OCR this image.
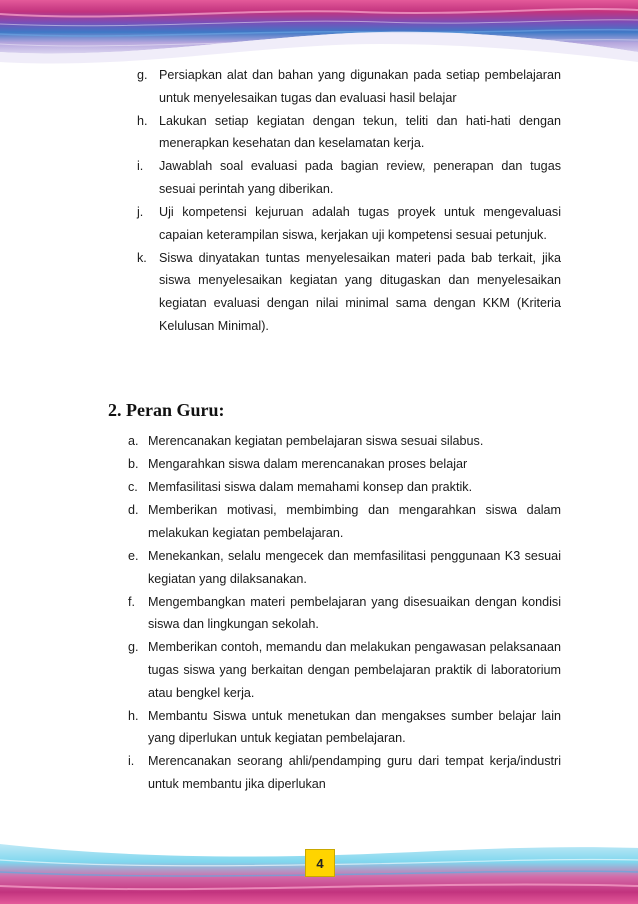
g. Persiapkan alat dan bahan yang digunakan pada setiap pembelajaran untuk menyelesaikan tugas dan evaluasi hasil belajar
h. Lakukan setiap kegiatan dengan tekun, teliti dan hati-hati dengan menerapkan kesehatan dan keselamatan kerja.
i. Jawablah soal evaluasi pada bagian review, penerapan dan tugas sesuai perintah yang diberikan.
j. Uji kompetensi kejuruan adalah tugas proyek untuk mengevaluasi capaian keterampilan siswa, kerjakan uji kompetensi sesuai petunjuk.
k. Siswa dinyatakan tuntas menyelesaikan materi pada bab terkait, jika siswa menyelesaikan kegiatan yang ditugaskan dan menyelesaikan kegiatan evaluasi dengan nilai minimal sama dengan KKM (Kriteria Kelulusan Minimal).
2. Peran Guru:
a. Merencanakan kegiatan pembelajaran siswa sesuai silabus.
b. Mengarahkan siswa dalam merencanakan proses belajar
c. Memfasilitasi siswa dalam memahami konsep dan praktik.
d. Memberikan motivasi, membimbing dan mengarahkan siswa dalam melakukan kegiatan pembelajaran.
e. Menekankan, selalu mengecek dan memfasilitasi penggunaan K3 sesuai kegiatan yang dilaksanakan.
f. Mengembangkan materi pembelajaran yang disesuaikan dengan kondisi siswa dan lingkungan sekolah.
g. Memberikan contoh, memandu dan melakukan pengawasan pelaksanaan tugas siswa yang berkaitan dengan pembelajaran praktik di laboratorium atau bengkel kerja.
h. Membantu Siswa untuk menetukan dan mengakses sumber belajar lain yang diperlukan untuk kegiatan pembelajaran.
i. Merencanakan seorang ahli/pendamping guru dari tempat kerja/industri untuk membantu jika diperlukan
4
